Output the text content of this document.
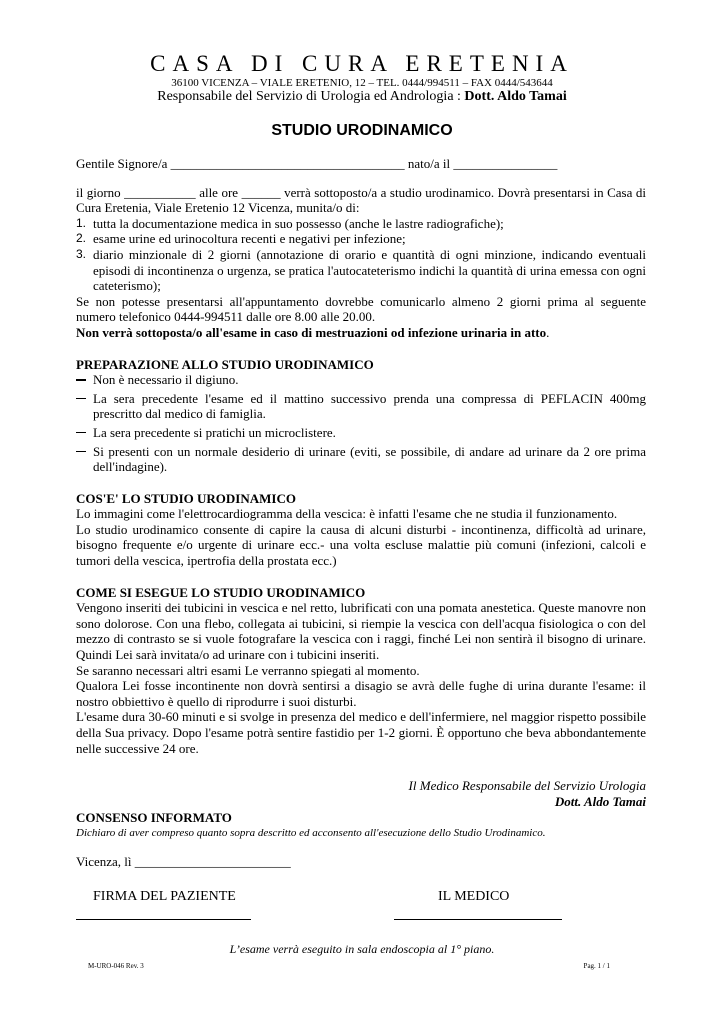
CASA DI CURA ERETENIA
36100 VICENZA – VIALE ERETENIO, 12 – TEL. 0444/994511 – FAX 0444/543644
Responsabile del Servizio di Urologia ed Andrologia : Dott. Aldo Tamai
STUDIO URODINAMICO

Gentile Signore/a ____________________________________ nato/a il ________________

il giorno ___________ alle ore ______ verrà sottoposto/a a studio urodinamico. Dovrà presentarsi in Casa di Cura Eretenia, Viale Eretenio 12 Vicenza, munita/o di:

1. tutta la documentazione medica in suo possesso (anche le lastre radiografiche);
2. esame urine ed urinocoltura recenti e negativi per infezione;
3. diario minzionale di 2 giorni (annotazione di orario e quantità di ogni minzione, indicando eventuali episodi di incontinenza o urgenza, se pratica l'autocateterismo indichi la quantità di urina emessa con ogni cateterismo);

Se non potesse presentarsi all'appuntamento dovrebbe comunicarlo almeno 2 giorni prima al seguente numero telefonico 0444-994511 dalle ore 8.00 alle 20.00.

Non verrà sottoposta/o all'esame in caso di mestruazioni od infezione urinaria in atto.

PREPARAZIONE ALLO STUDIO URODINAMICO

Non è necessario il digiuno.
La sera precedente l'esame ed il mattino successivo prenda una compressa di PEFLACIN 400mg prescritto dal medico di famiglia.
La sera precedente si pratichi un microclistere.
Si presenti con un normale desiderio di urinare (eviti, se possibile, di andare ad urinare da 2 ore prima dell'indagine).

COS'E' LO STUDIO URODINAMICO

Lo immagini come l'elettrocardiogramma della vescica: è infatti l'esame che ne studia il funzionamento.

Lo studio urodinamico consente di capire la causa di alcuni disturbi - incontinenza, difficoltà ad urinare, bisogno frequente e/o urgente di urinare ecc.- una volta escluse malattie più comuni (infezioni, calcoli e tumori della vescica, ipertrofia della prostata ecc.)

COME SI ESEGUE LO STUDIO URODINAMICO

Vengono inseriti dei tubicini in vescica e nel retto, lubrificati con una pomata anestetica. Queste manovre non sono dolorose. Con una flebo, collegata ai tubicini, si riempie la vescica con dell'acqua fisiologica o con del mezzo di contrasto se si vuole fotografare la vescica con i raggi, finché Lei non sentirà il bisogno di urinare. Quindi Lei sarà invitata/o ad urinare con i tubicini inseriti.

Se saranno necessari altri esami Le verranno spiegati al momento.

Qualora Lei fosse incontinente non dovrà sentirsi a disagio se avrà delle fughe di urina durante l'esame: il nostro obbiettivo è quello di riprodurre i suoi disturbi.

L'esame dura 30-60 minuti e si svolge in presenza del medico e dell'infermiere, nel maggior rispetto possibile della Sua privacy. Dopo l'esame potrà sentire fastidio per 1-2 giorni. È opportuno che beva abbondantemente nelle successive 24 ore.

Il Medico Responsabile del Servizio Urologia
Dott. Aldo Tamai

CONSENSO INFORMATO

Dichiaro di aver compreso quanto sopra descritto ed acconsento all'esecuzione dello Studio Urodinamico.

Vicenza, lì ________________________

FIRMA DEL PAZIENTE	IL MEDICO
L’esame verrà eseguito in sala endoscopia al 1° piano.
M-URO-046 Rev. 3	Pag. 1 / 1
